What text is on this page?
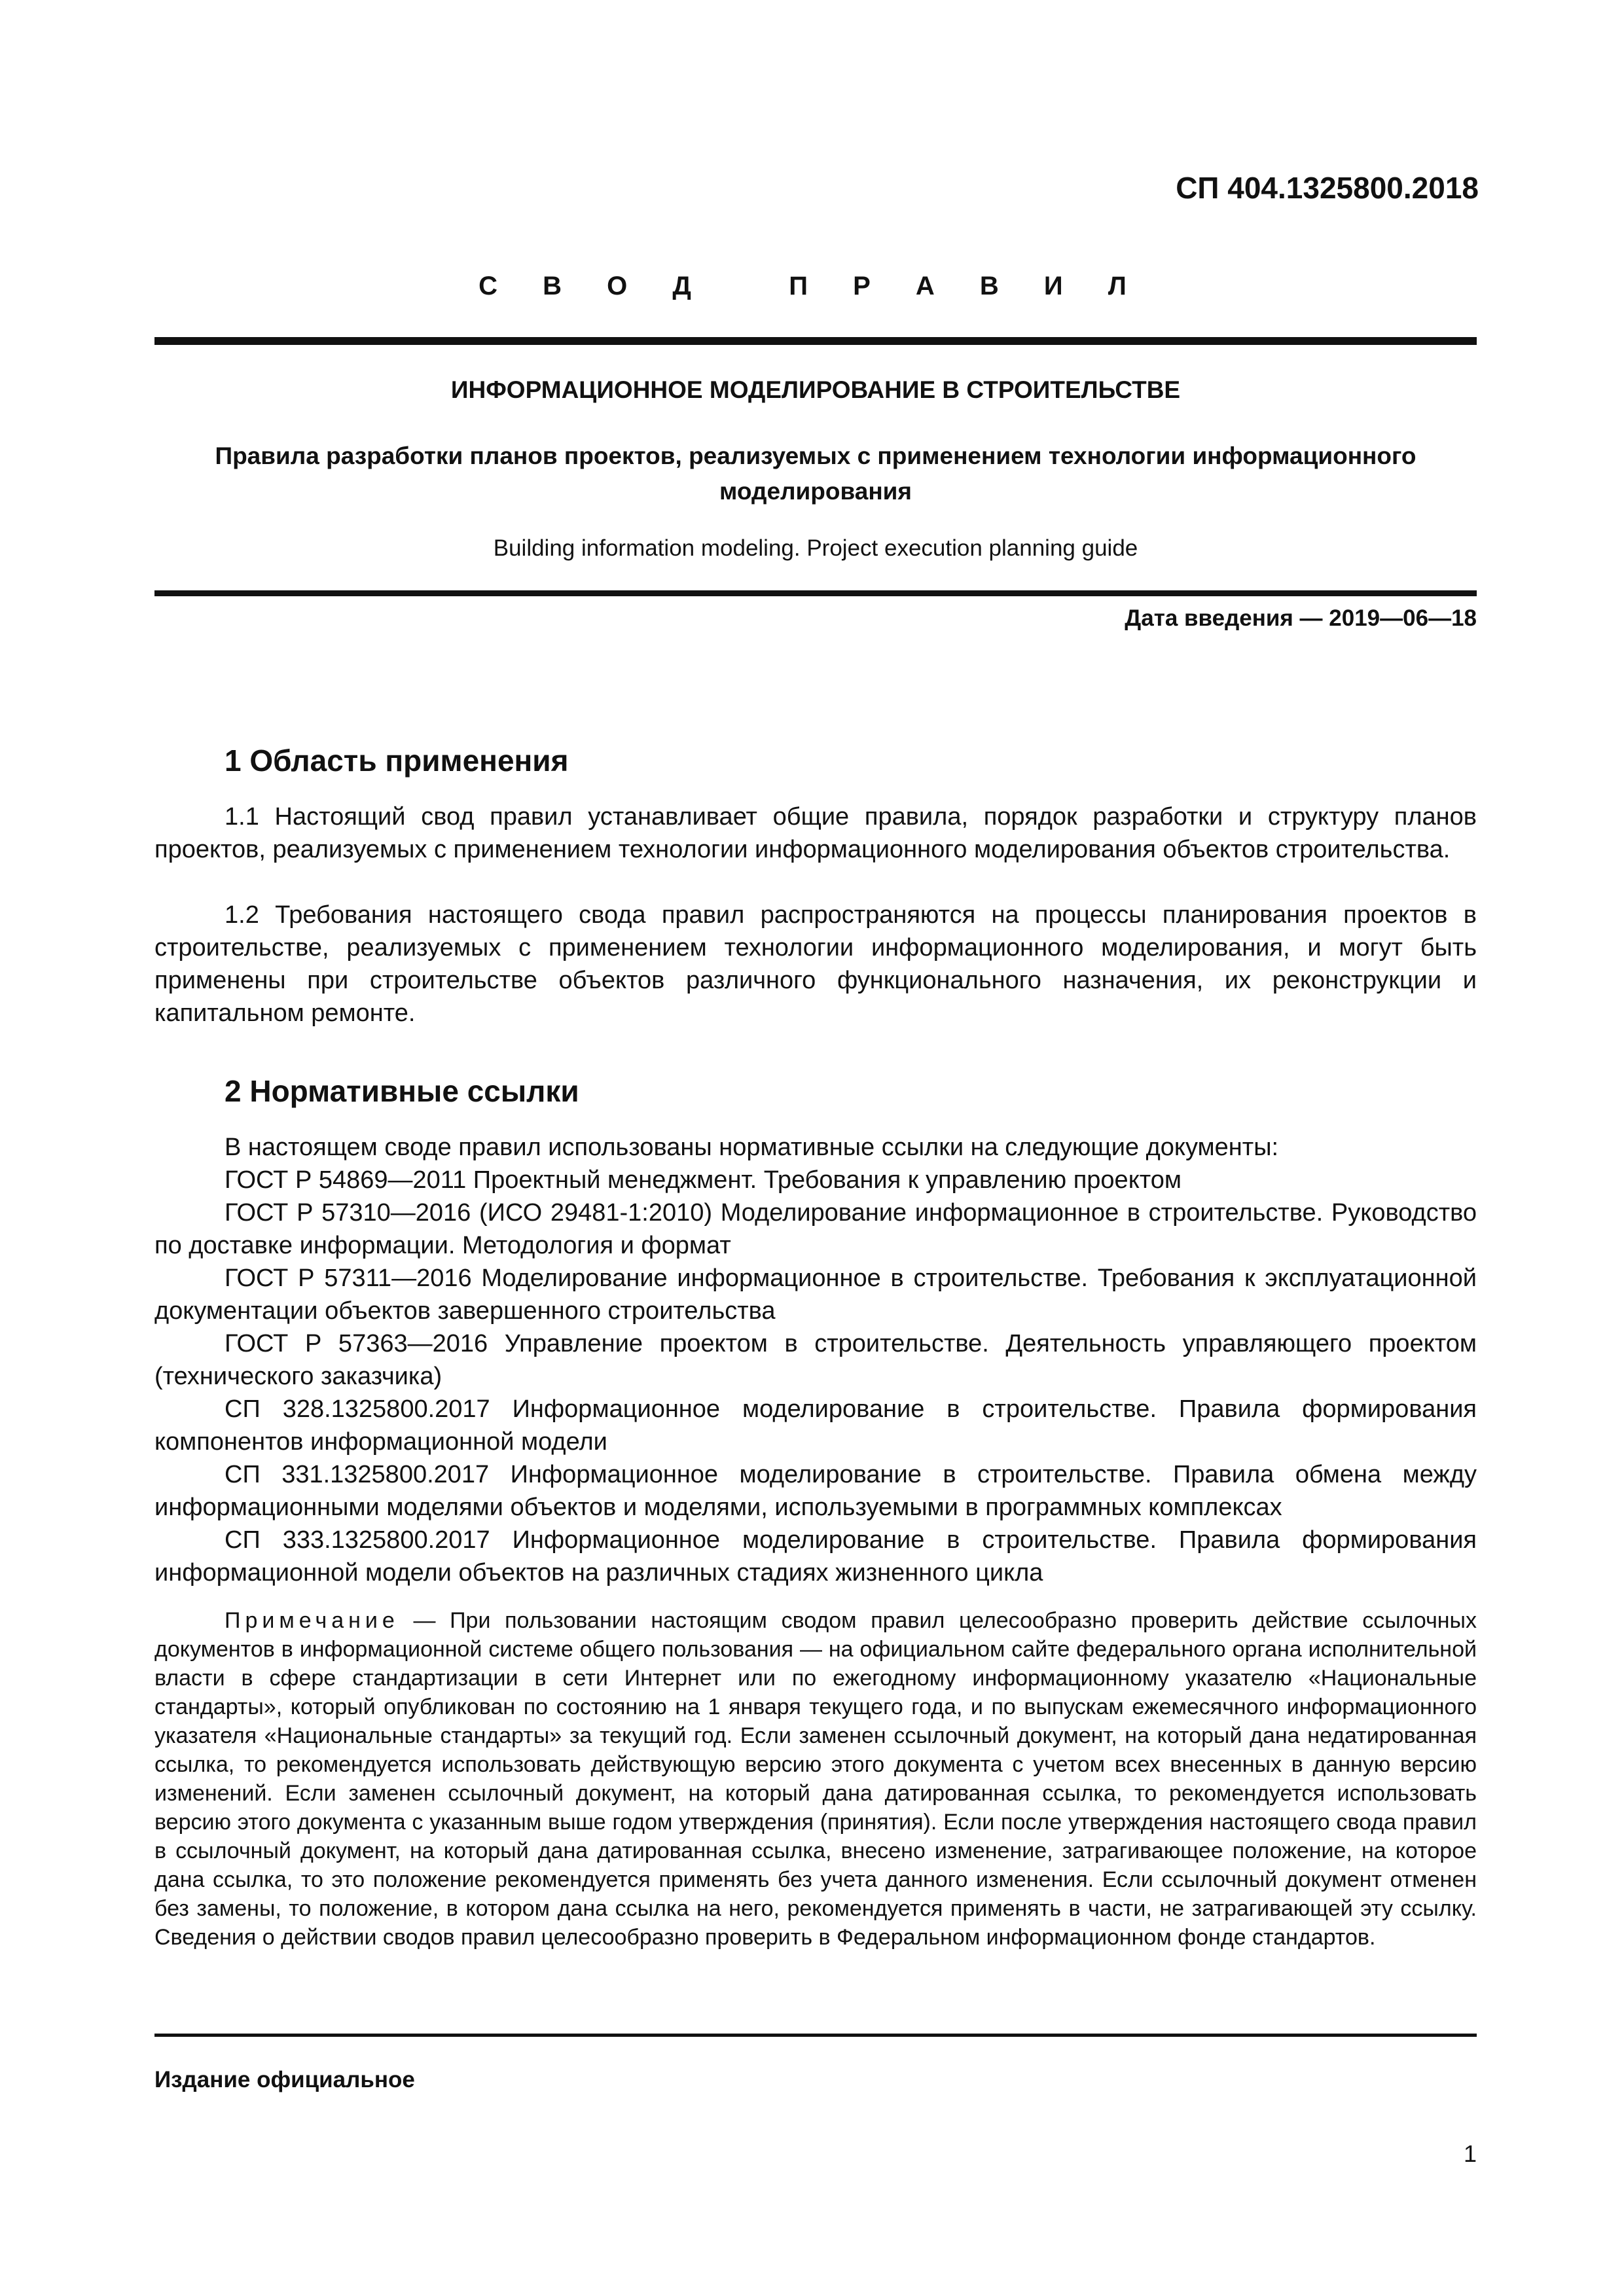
СП 404.1325800.2018
С В О Д   П Р А В И Л
ИНФОРМАЦИОННОЕ МОДЕЛИРОВАНИЕ В СТРОИТЕЛЬСТВЕ
Правила разработки планов проектов, реализуемых с применением технологии информационного моделирования
Building information modeling. Project execution planning guide
Дата введения — 2019—06—18
1 Область применения
1.1 Настоящий свод правил устанавливает общие правила, порядок разработки и структуру планов проектов, реализуемых с применением технологии информационного моделирования объектов строительства.
1.2 Требования настоящего свода правил распространяются на процессы планирования проектов в строительстве, реализуемых с применением технологии информационного моделирования, и могут быть применены при строительстве объектов различного функционального назначения, их реконструкции и капитальном ремонте.
2 Нормативные ссылки
В настоящем своде правил использованы нормативные ссылки на следующие документы:
ГОСТ Р 54869—2011 Проектный менеджмент. Требования к управлению проектом
ГОСТ Р 57310—2016 (ИСО 29481-1:2010) Моделирование информационное в строительстве. Руководство по доставке информации. Методология и формат
ГОСТ Р 57311—2016 Моделирование информационное в строительстве. Требования к эксплуатационной документации объектов завершенного строительства
ГОСТ Р 57363—2016 Управление проектом в строительстве. Деятельность управляющего проектом (технического заказчика)
СП 328.1325800.2017 Информационное моделирование в строительстве. Правила формирования компонентов информационной модели
СП 331.1325800.2017 Информационное моделирование в строительстве. Правила обмена между информационными моделями объектов и моделями, используемыми в программных комплексах
СП 333.1325800.2017 Информационное моделирование в строительстве. Правила формирования информационной модели объектов на различных стадиях жизненного цикла
Примечание — При пользовании настоящим сводом правил целесообразно проверить действие ссылочных документов в информационной системе общего пользования — на официальном сайте федерального органа исполнительной власти в сфере стандартизации в сети Интернет или по ежегодному информационному указателю «Национальные стандарты», который опубликован по состоянию на 1 января текущего года, и по выпускам ежемесячного информационного указателя «Национальные стандарты» за текущий год. Если заменен ссылочный документ, на который дана недатированная ссылка, то рекомендуется использовать действующую версию этого документа с учетом всех внесенных в данную версию изменений. Если заменен ссылочный документ, на который дана датированная ссылка, то рекомендуется использовать версию этого документа с указанным выше годом утверждения (принятия). Если после утверждения настоящего свода правил в ссылочный документ, на который дана датированная ссылка, внесено изменение, затрагивающее положение, на которое дана ссылка, то это положение рекомендуется применять без учета данного изменения. Если ссылочный документ отменен без замены, то положение, в котором дана ссылка на него, рекомендуется применять в части, не затрагивающей эту ссылку. Сведения о действии сводов правил целесообразно проверить в Федеральном информационном фонде стандартов.
Издание официальное
1
